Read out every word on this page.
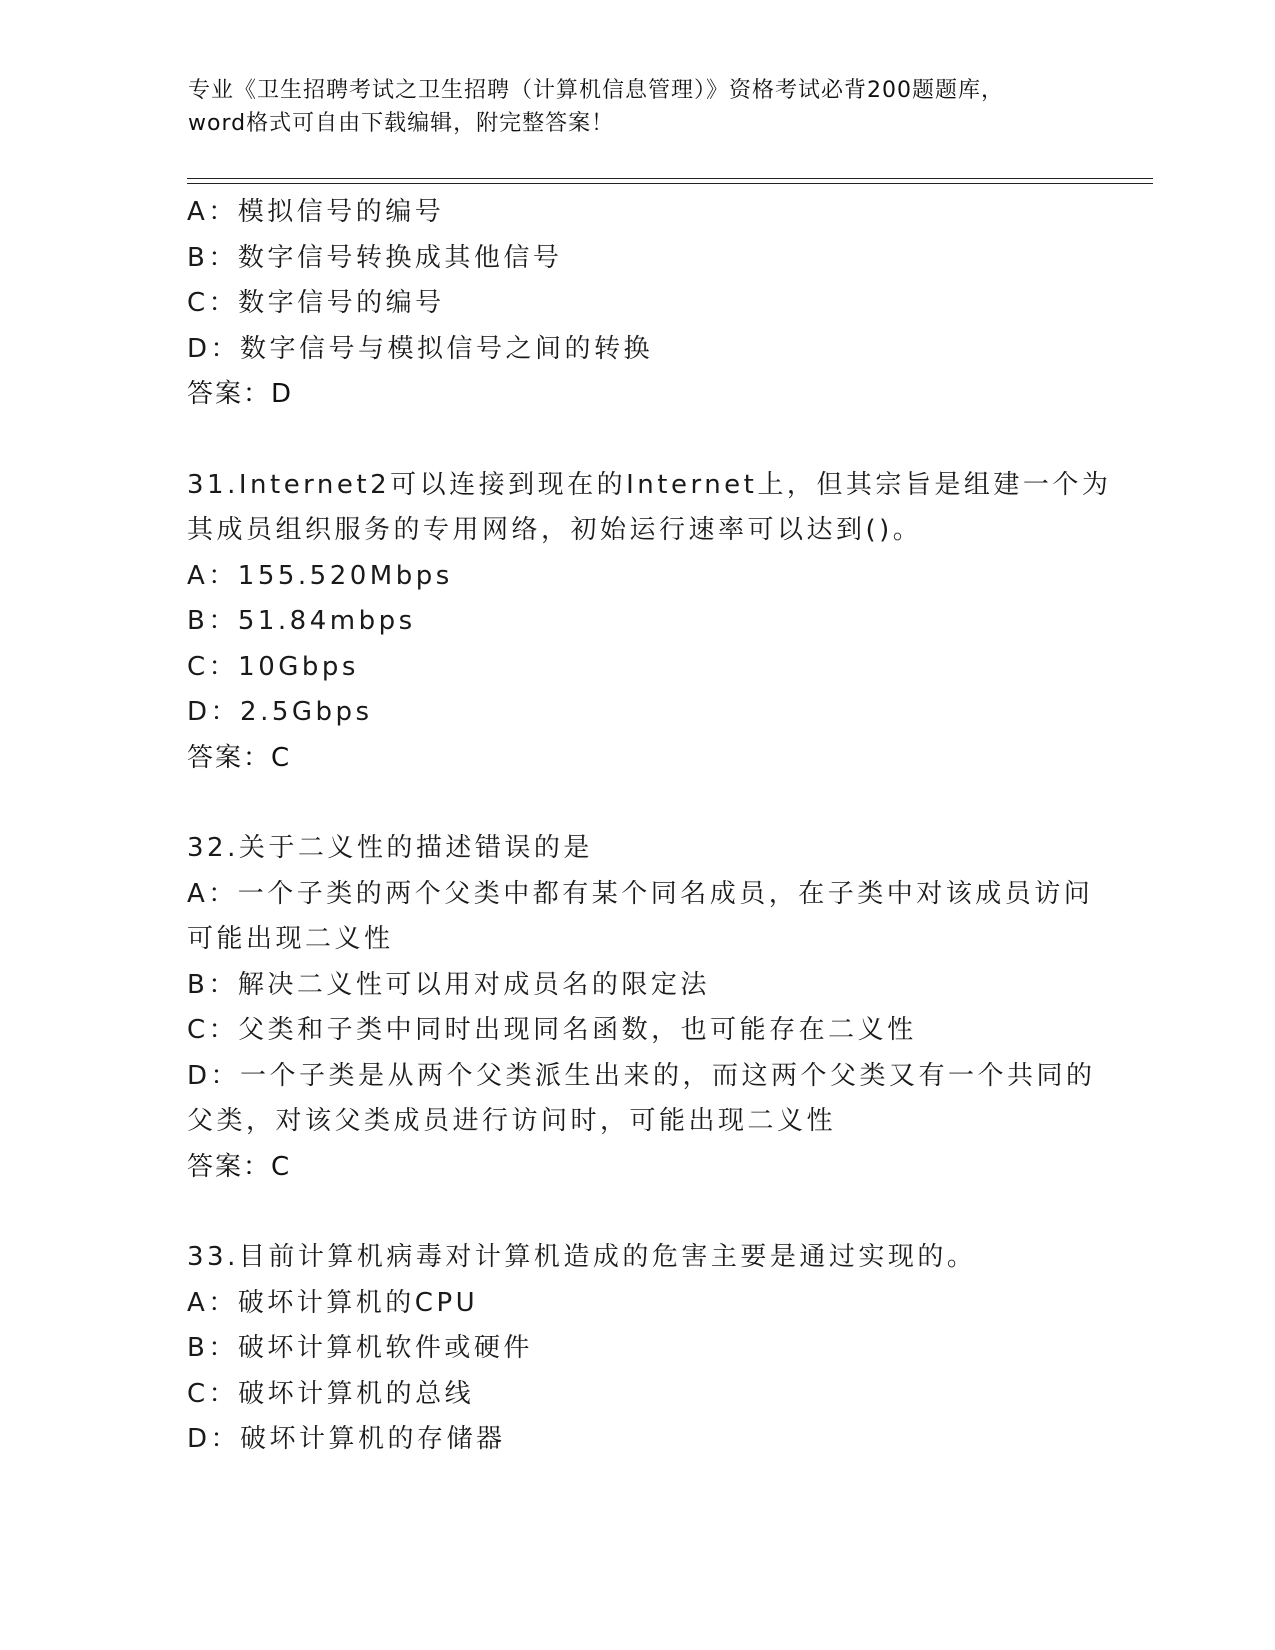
专业《卫生招聘考试之卫生招聘（计算机信息管理）》资格考试必背200题题库，
word格式可自由下载编辑，附完整答案！
A：模拟信号的编号
B：数字信号转换成其他信号
C：数字信号的编号
D：数字信号与模拟信号之间的转换
答案：D
31.Internet2可以连接到现在的Internet上，但其宗旨是组建一个为
其成员组织服务的专用网络，初始运行速率可以达到()。
A：155.520Mbps
B：51.84mbps
C：10Gbps
D：2.5Gbps
答案：C
32.关于二义性的描述错误的是
A：一个子类的两个父类中都有某个同名成员，在子类中对该成员访问
可能出现二义性
B：解决二义性可以用对成员名的限定法
C：父类和子类中同时出现同名函数，也可能存在二义性
D：一个子类是从两个父类派生出来的，而这两个父类又有一个共同的
父类，对该父类成员进行访问时，可能出现二义性
答案：C
33.目前计算机病毒对计算机造成的危害主要是通过实现的。
A：破坏计算机的CPU
B：破坏计算机软件或硬件
C：破坏计算机的总线
D：破坏计算机的存储器
